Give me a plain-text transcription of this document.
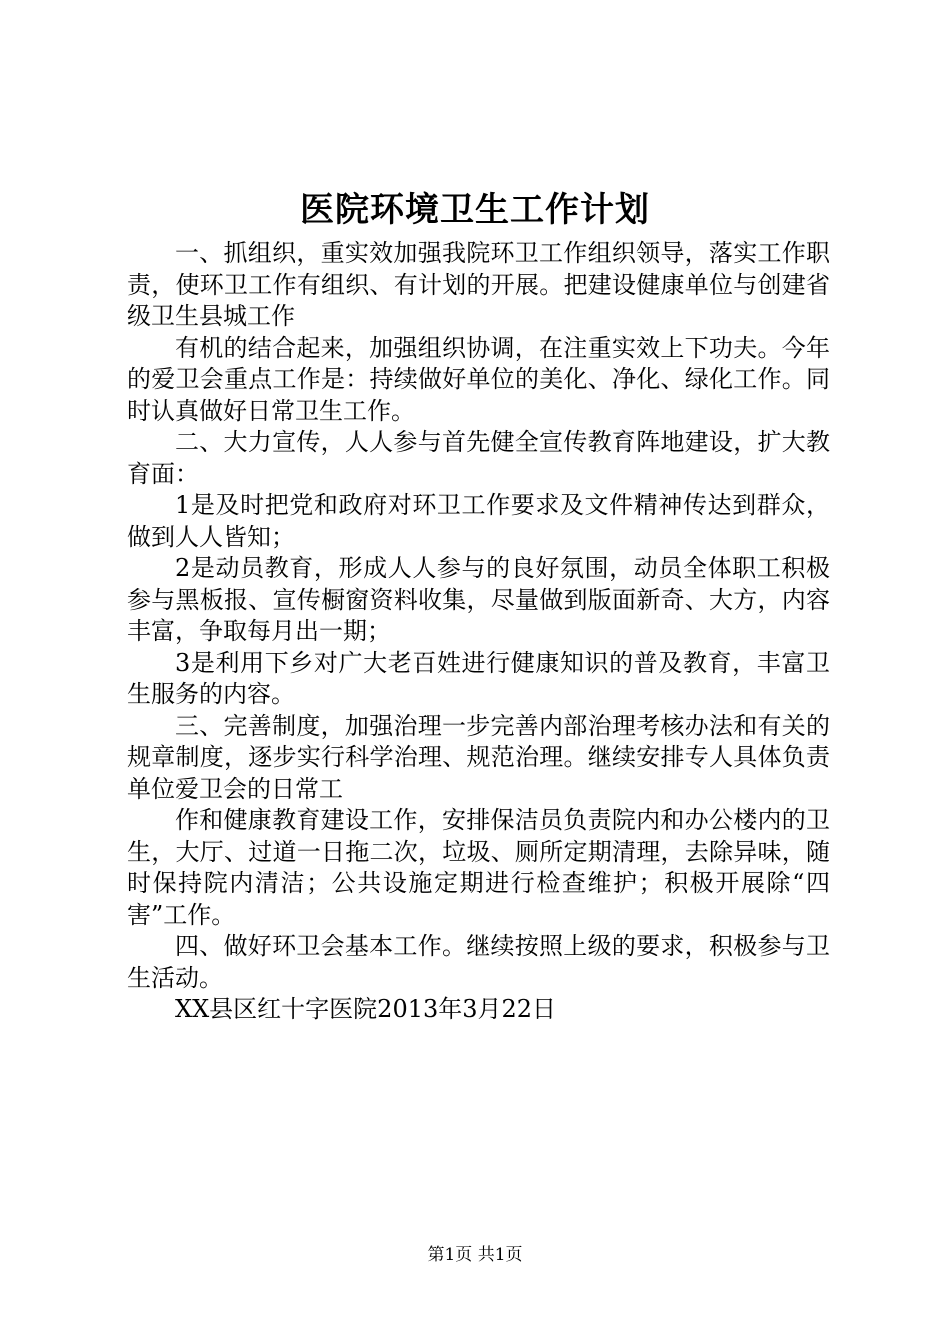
医院环境卫生工作计划

一、抓组织，重实效加强我院环卫工作组织领导，落实工作职责，使环卫工作有组织、有计划的开展。把建设健康单位与创建省级卫生县城工作

有机的结合起来，加强组织协调，在注重实效上下功夫。今年的爱卫会重点工作是：持续做好单位的美化、净化、绿化工作。同时认真做好日常卫生工作。

二、大力宣传，人人参与首先健全宣传教育阵地建设，扩大教育面：

1是及时把党和政府对环卫工作要求及文件精神传达到群众，做到人人皆知；

2是动员教育，形成人人参与的良好氛围，动员全体职工积极参与黑板报、宣传橱窗资料收集，尽量做到版面新奇、大方，内容丰富，争取每月出一期；

3是利用下乡对广大老百姓进行健康知识的普及教育，丰富卫生服务的内容。

三、完善制度，加强治理一步完善内部治理考核办法和有关的规章制度，逐步实行科学治理、规范治理。继续安排专人具体负责单位爱卫会的日常工

作和健康教育建设工作，安排保洁员负责院内和办公楼内的卫生，大厅、过道一日拖二次，垃圾、厕所定期清理，去除异味，随时保持院内清洁；公共设施定期进行检查维护；积极开展除“四害”工作。

四、做好环卫会基本工作。继续按照上级的要求，积极参与卫生活动。

XX县区红十字医院2013年3月22日

第1页 共1页
